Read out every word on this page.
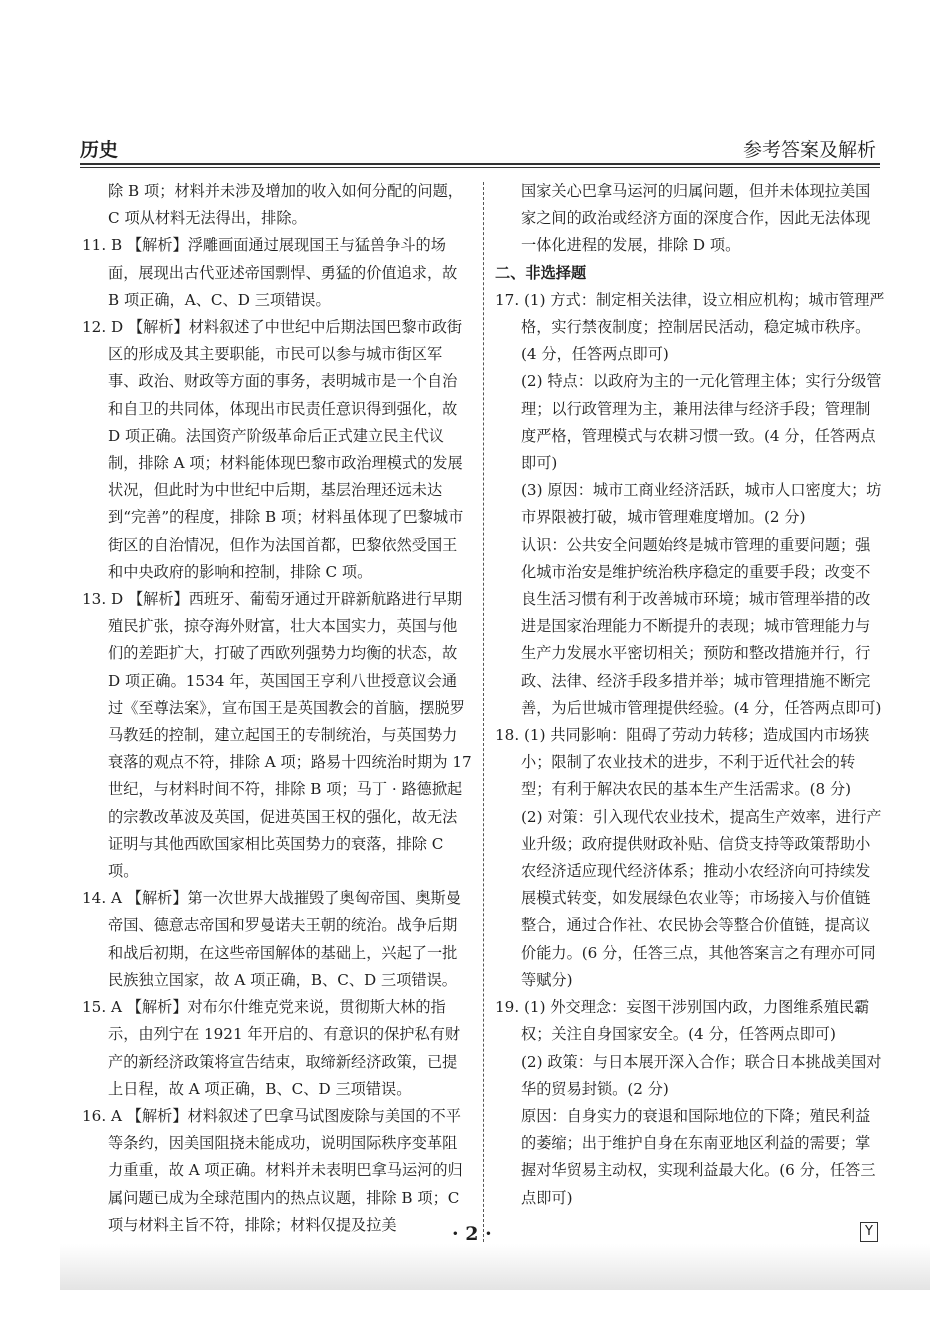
历史	参考答案及解析

除 B 项；材料并未涉及增加的收入如何分配的问题，

C 项从材料无法得出，排除。

11. B 【解析】浮雕画面通过展现国王与猛兽争斗的场面，展现出古代亚述帝国剽悍、勇猛的价值追求，故 B 项正确，A、C、D 三项错误。

12. D 【解析】材料叙述了中世纪中后期法国巴黎市政街区的形成及其主要职能，市民可以参与城市街区军事、政治、财政等方面的事务，表明城市是一个自治和自卫的共同体，体现出市民责任意识得到强化，故 D 项正确。法国资产阶级革命后正式建立民主代议制，排除 A 项；材料能体现巴黎市政治理模式的发展状况，但此时为中世纪中后期，基层治理还远未达到“完善”的程度，排除 B 项；材料虽体现了巴黎城市街区的自治情况，但作为法国首都，巴黎依然受国王和中央政府的影响和控制，排除 C 项。

13. D 【解析】西班牙、葡萄牙通过开辟新航路进行早期殖民扩张，掠夺海外财富，壮大本国实力，英国与他们的差距扩大，打破了西欧列强势力均衡的状态，故 D 项正确。1534 年，英国国王亨利八世授意议会通过《至尊法案》，宣布国王是英国教会的首脑，摆脱罗马教廷的控制，建立起国王的专制统治，与英国势力衰落的观点不符，排除 A 项；路易十四统治时期为 17 世纪，与材料时间不符，排除 B 项；马丁 · 路德掀起的宗教改革波及英国，促进英国王权的强化，故无法证明与其他西欧国家相比英国势力的衰落，排除 C 项。

14. A 【解析】第一次世界大战摧毁了奥匈帝国、奥斯曼帝国、德意志帝国和罗曼诺夫王朝的统治。战争后期和战后初期，在这些帝国解体的基础上，兴起了一批民族独立国家，故 A 项正确，B、C、D 三项错误。

15. A 【解析】对布尔什维克党来说，贯彻斯大林的指示，由列宁在 1921 年开启的、有意识的保护私有财产的新经济政策将宣告结束，取缔新经济政策，已提上日程，故 A 项正确，B、C、D 三项错误。

16. A 【解析】材料叙述了巴拿马试图废除与美国的不平等条约，因美国阻挠未能成功，说明国际秩序变革阻力重重，故 A 项正确。材料并未表明巴拿马运河的归属问题已成为全球范围内的热点议题，排除 B 项；C 项与材料主旨不符，排除；材料仅提及拉美

国家关心巴拿马运河的归属问题，但并未体现拉美国家之间的政治或经济方面的深度合作，因此无法体现一体化进程的发展，排除 D 项。

二、非选择题

17. (1) 方式：制定相关法律，设立相应机构；城市管理严格，实行禁夜制度；控制居民活动，稳定城市秩序。(4 分，任答两点即可)

(2) 特点：以政府为主的一元化管理主体；实行分级管理；以行政管理为主，兼用法律与经济手段；管理制度严格，管理模式与农耕习惯一致。(4 分，任答两点即可)

(3) 原因：城市工商业经济活跃，城市人口密度大；坊市界限被打破，城市管理难度增加。(2 分)

认识：公共安全问题始终是城市管理的重要问题；强化城市治安是维护统治秩序稳定的重要手段；改变不良生活习惯有利于改善城市环境；城市管理举措的改进是国家治理能力不断提升的表现；城市管理能力与生产力发展水平密切相关；预防和整改措施并行，行政、法律、经济手段多措并举；城市管理措施不断完善，为后世城市管理提供经验。(4 分，任答两点即可)

18. (1) 共同影响：阻碍了劳动力转移；造成国内市场狭小；限制了农业技术的进步，不利于近代社会的转型；有利于解决农民的基本生产生活需求。(8 分)

(2) 对策：引入现代农业技术，提高生产效率，进行产业升级；政府提供财政补贴、信贷支持等政策帮助小农经济适应现代经济体系；推动小农经济向可持续发展模式转变，如发展绿色农业等；市场接入与价值链整合，通过合作社、农民协会等整合价值链，提高议价能力。(6 分，任答三点，其他答案言之有理亦可同等赋分)

19. (1) 外交理念：妄图干涉别国内政，力图维系殖民霸权；关注自身国家安全。(4 分，任答两点即可)

(2) 政策：与日本展开深入合作；联合日本挑战美国对华的贸易封锁。(2 分)

原因：自身实力的衰退和国际地位的下降；殖民利益的萎缩；出于维护自身在东南亚地区利益的需要；掌握对华贸易主动权，实现利益最大化。(6 分，任答三点即可)

· 2 ·	Y
